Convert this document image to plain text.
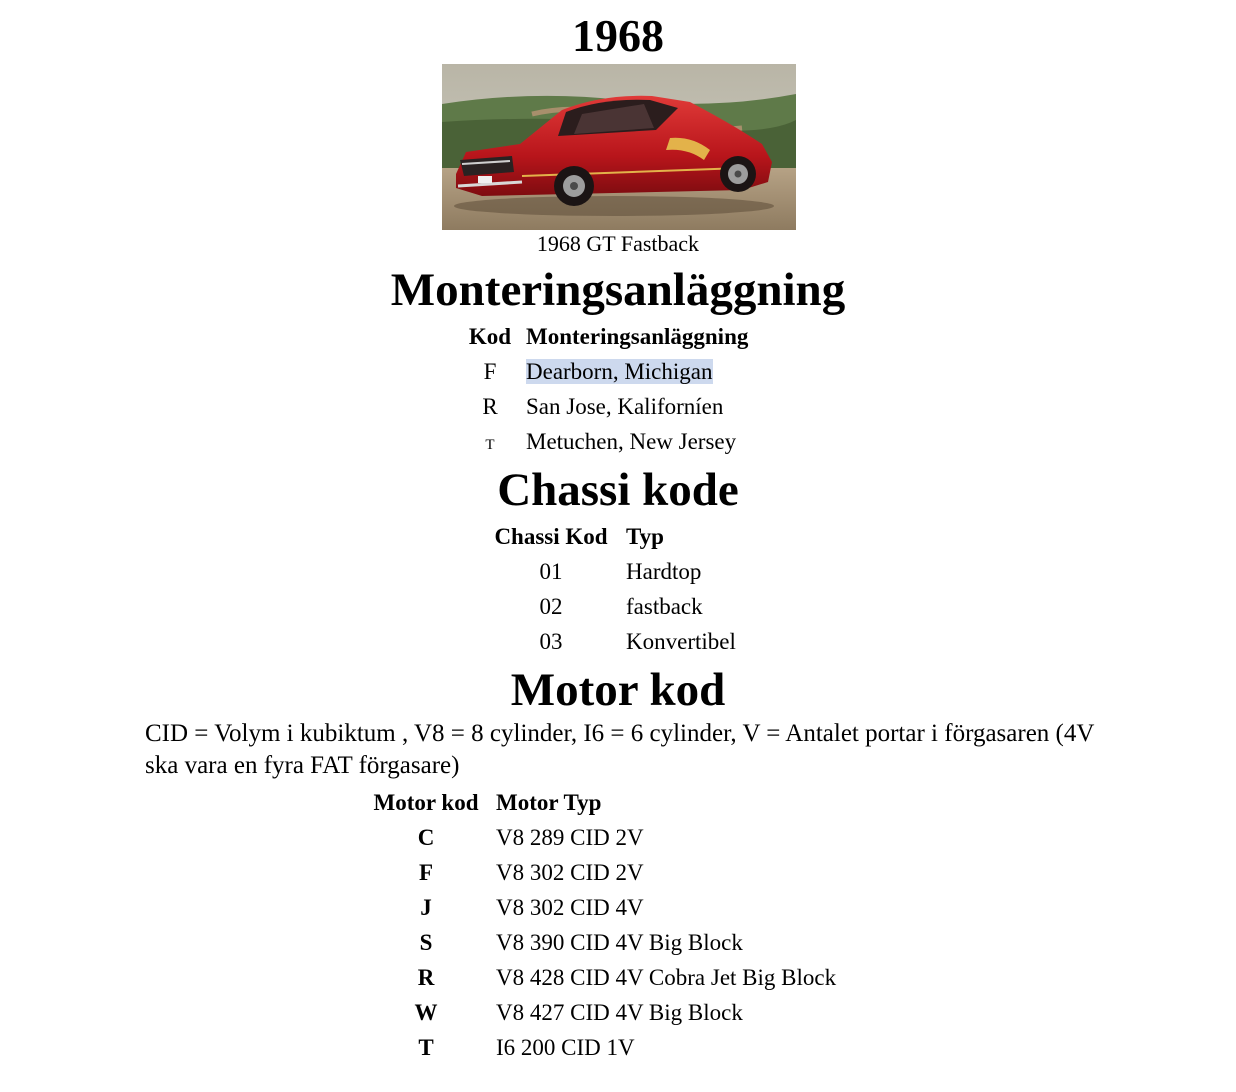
1968
1968 GT Fastback
Monteringsanläggning
Kod	Monteringsanläggning
F	Dearborn, Michigan
R	San Jose, Kaliforníen
T	Metuchen, New Jersey
Chassi kode
Chassi Kod	Typ
01	Hardtop
02	fastback
03	Konvertibel
Motor kod
CID = Volym i kubiktum , V8 = 8 cylinder, I6 = 6 cylinder, V = Antalet portar i förgasaren (4V ska vara en fyra FAT förgasare)
Motor kod	Motor Typ
C	V8 289 CID 2V
F	V8 302 CID 2V
J	V8 302 CID 4V
S	V8 390 CID 4V Big Block
R	V8 428 CID 4V Cobra Jet Big Block
W	V8 427 CID 4V Big Block
T	I6 200 CID 1V
